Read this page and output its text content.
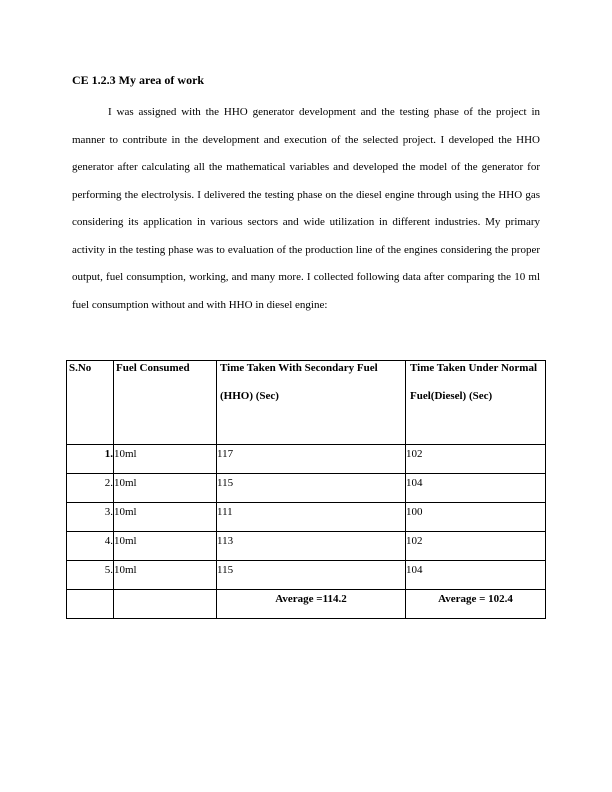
CE 1.2.3 My area of work

I was assigned with the HHO generator development and the testing phase of the project in manner to contribute in the development and execution of the selected project. I developed the HHO generator after calculating all the mathematical variables and developed the model of the generator for performing the electrolysis. I delivered the testing phase on the diesel engine through using the HHO gas considering its application in various sectors and wide utilization in different industries. My primary activity in the testing phase was to evaluation of the production line of the engines considering the proper output, fuel consumption, working, and many more. I collected following data after comparing the 10 ml fuel consumption without and with HHO in diesel engine:

S.No	Fuel Consumed	Time Taken With Secondary Fuel (HHO) (Sec)	Time Taken Under Normal Fuel(Diesel) (Sec)

1.	10ml	117	102
2.	10ml	115	104
3.	10ml	111	100
4.	10ml	113	102
5.	10ml	115	104
		Average =114.2	Average = 102.4
